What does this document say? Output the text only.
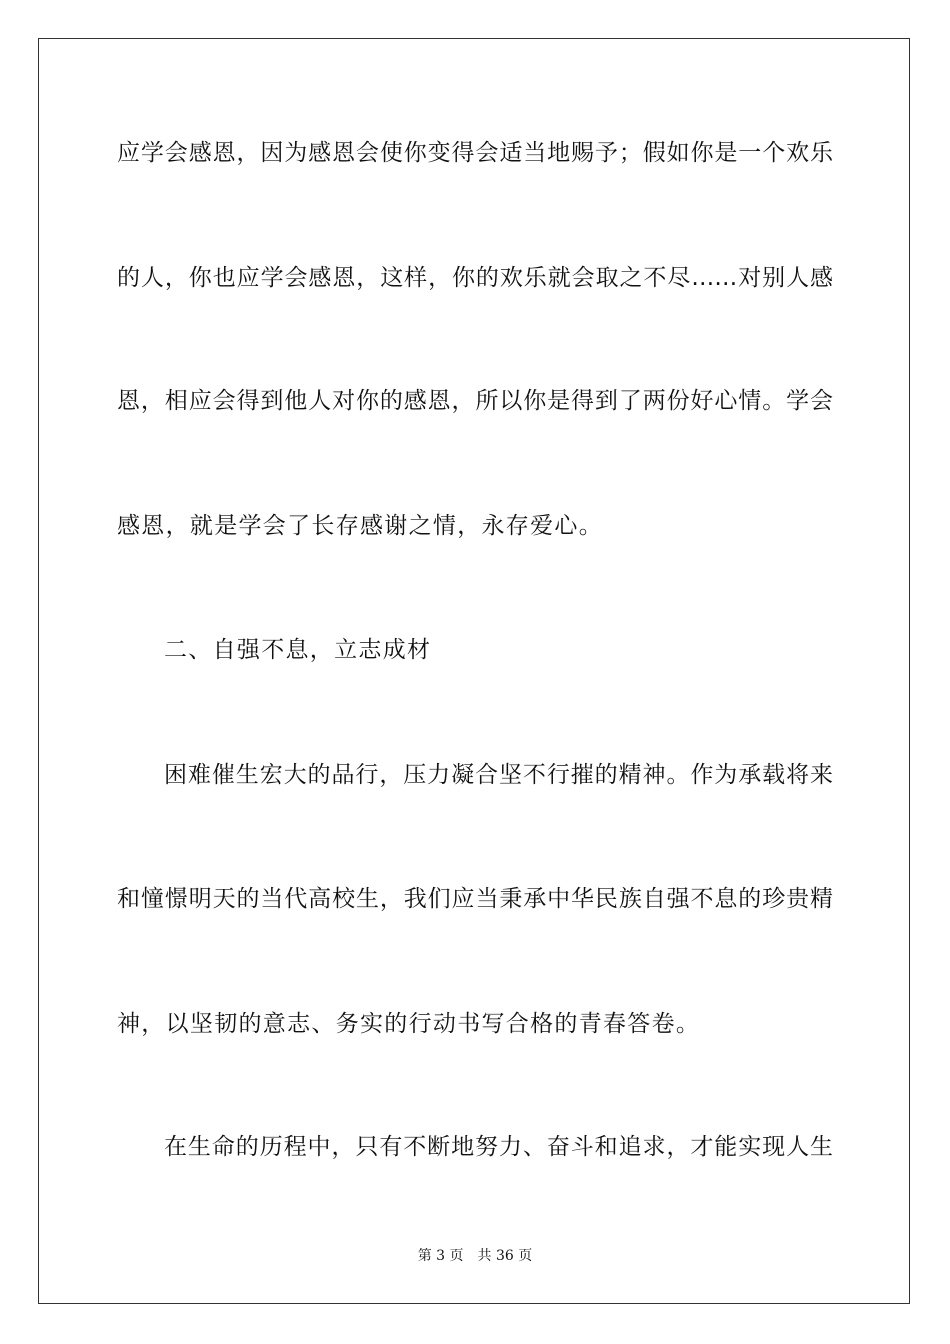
应学会感恩，因为感恩会使你变得会适当地赐予；假如你是一个欢乐
的人，你也应学会感恩，这样，你的欢乐就会取之不尽……对别人感
恩，相应会得到他人对你的感恩，所以你是得到了两份好心情。学会
感恩，就是学会了长存感谢之情，永存爱心。
二、自强不息，立志成材
困难催生宏大的品行，压力凝合坚不行摧的精神。作为承载将来
和憧憬明天的当代高校生，我们应当秉承中华民族自强不息的珍贵精
神，以坚韧的意志、务实的行动书写合格的青春答卷。
在生命的历程中，只有不断地努力、奋斗和追求，才能实现人生
第 3 页 共 36 页
